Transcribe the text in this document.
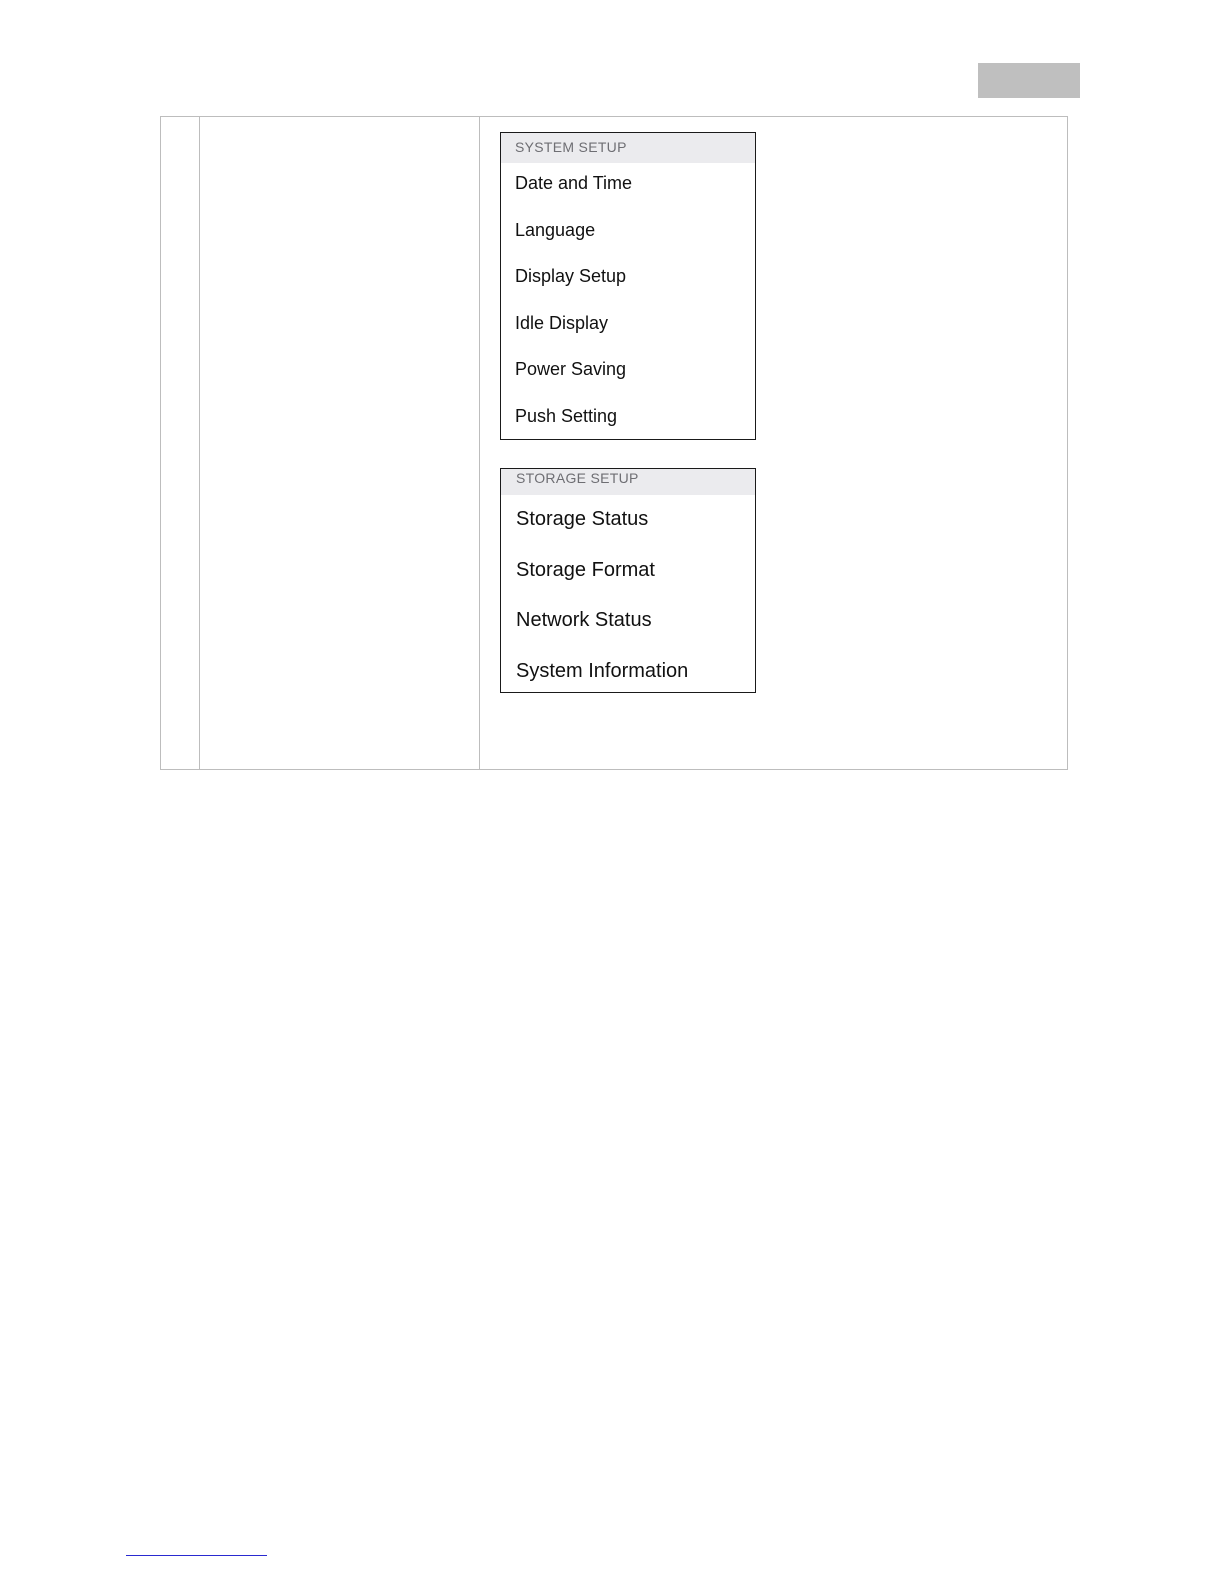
SYSTEM SETUP
Date and Time
Language
Display Setup
Idle Display
Power Saving
Push Setting
STORAGE SETUP
Storage Status
Storage Format
Network Status
System Information
